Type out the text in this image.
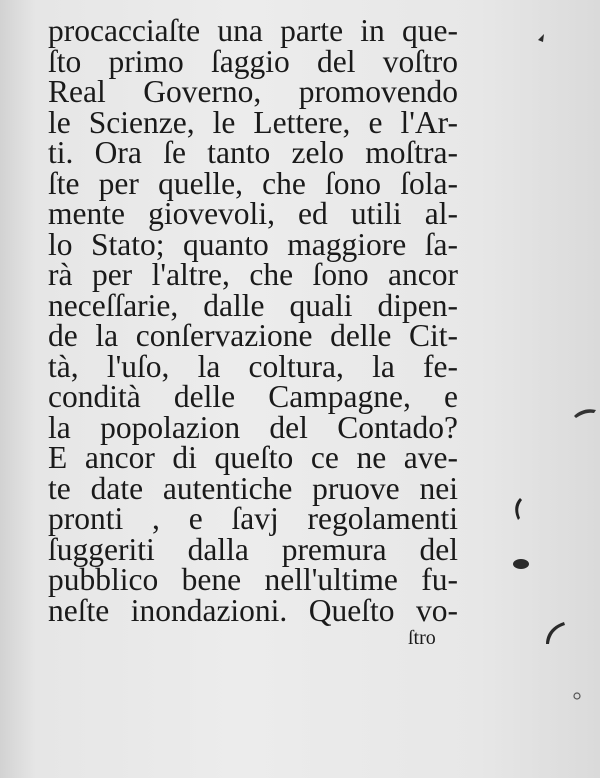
procacciaſte una parte in que-
ſto primo ſaggio del voſtro
Real Governo, promovendo
le Scienze, le Lettere, e l'Ar-
ti. Ora ſe tanto zelo moſtra-
ſte per quelle, che ſono ſola-
mente giovevoli, ed utili al-
lo Stato; quanto maggiore ſa-
rà per l'altre, che ſono ancor
neceſſarie, dalle quali dipen-
de la conſervazione delle Cit-
tà, l'uſo, la coltura, la fe-
condità delle Campagne, e
la popolazion del Contado?
E ancor di queſto ce ne ave-
te date autentiche pruove nei
pronti , e ſavj regolamenti
ſuggeriti dalla premura del
pubblico bene nell'ultime fu-
neſte inondazioni. Queſto vo-
ſtro
